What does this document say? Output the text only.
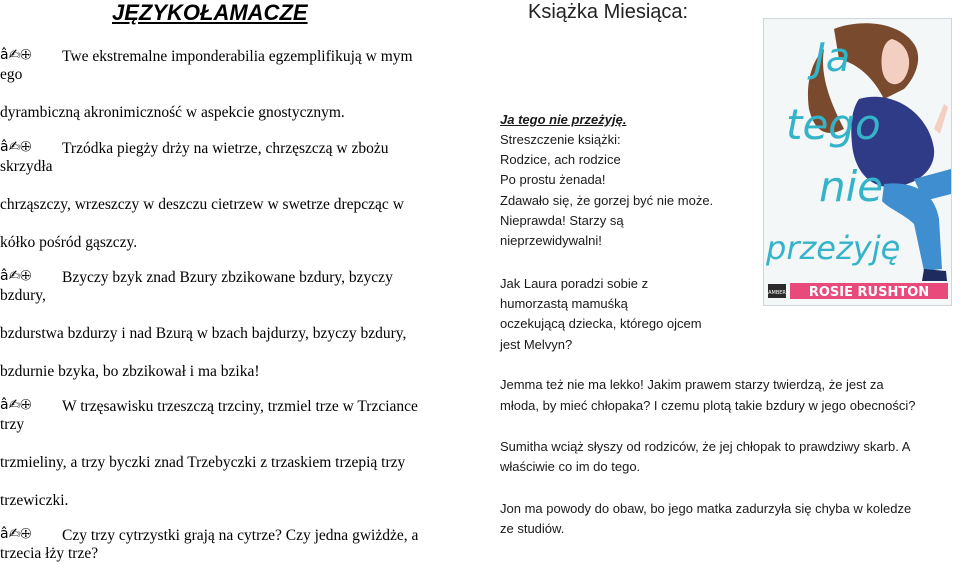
JĘZYKOŁAMACZE
â✍🕀 Twe ekstremalne imponderabilia egzemplifikują w mym
ego
dyrambiczną akronimiczność w aspekcie gnostycznym.
â✍🕀 Trzódka piegży drży na wietrze, chrzęszczą w zbożu
skrzydła
chrząszczy, wrzeszczy w deszczu cietrzew w swetrze drepcząc w
kółko pośród gąszczy.
â✍🕀 Bzyczy bzyk znad Bzury zbzikowane bzdury, bzyczy
bzdury,
bzdurstwa bzdurzy i nad Bzurą w bzach bajdurzy, bzyczy bzdury,
bzdurnie bzyka, bo zbzikował i ma bzika!
â✍🕀 W trzęsawisku trzeszczą trzciny, trzmiel trze w Trzciance
trzy
trzmieliny, a trzy byczki znad Trzebyczki z trzaskiem trzepią trzy
trzewiczki.
â✍🕀 Czy trzy cytrzystki grają na cytrze? Czy jedna gwiżdże, a
trzecia łży trze?
Książka Miesiąca:
Ja tego nie przeżyję.
Streszczenie książki:
Rodzice, ach rodzice
Po prostu żenada!
Zdawało się, że gorzej być nie może.
Nieprawda! Starzy są
nieprzewidywalni!
Jak Laura poradzi sobie z
humorzastą mamuśką
oczekującą dziecka, którego ojcem
jest Melvyn?
Jemma też nie ma lekko! Jakim prawem starzy twierdzą, że jest za
młoda, by mieć chłopaka? I czemu plotą takie bzdury w jego obecności?
Sumitha wciąż słyszy od rodziców, że jej chłopak to prawdziwy skarb. A
właściwie co im do tego.
Jon ma powody do obaw, bo jego matka zadurzyła się chyba w koledze
ze studiów.
Ja
tego
nie
przeżyję
AMBER ROSIE RUSHTON
